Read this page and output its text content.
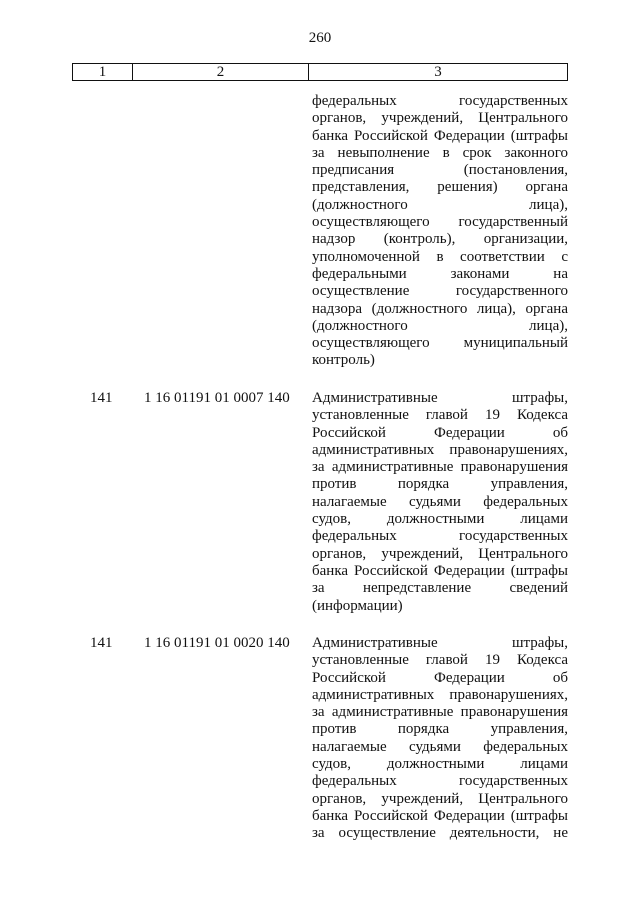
260
1	2	3
федеральных государственных
органов, учреждений, Центрального
банка Российской Федерации (штрафы
за невыполнение в срок законного
предписания (постановления,
представления, решения) органа
(должностного лица),
осуществляющего государственный
надзор (контроль), организации,
уполномоченной в соответствии с
федеральными законами на
осуществление государственного
надзора (должностного лица), органа
(должностного лица),
осуществляющего муниципальный
контроль)
141 1 16 01191 01 0007 140 Административные штрафы,
установленные главой 19 Кодекса
Российской Федерации об
административных правонарушениях,
за административные правонарушения
против порядка управления,
налагаемые судьями федеральных
судов, должностными лицами
федеральных государственных
органов, учреждений, Центрального
банка Российской Федерации (штрафы
за непредставление сведений
(информации)
141 1 16 01191 01 0020 140 Административные штрафы,
установленные главой 19 Кодекса
Российской Федерации об
административных правонарушениях,
за административные правонарушения
против порядка управления,
налагаемые судьями федеральных
судов, должностными лицами
федеральных государственных
органов, учреждений, Центрального
банка Российской Федерации (штрафы
за осуществление деятельности, не
